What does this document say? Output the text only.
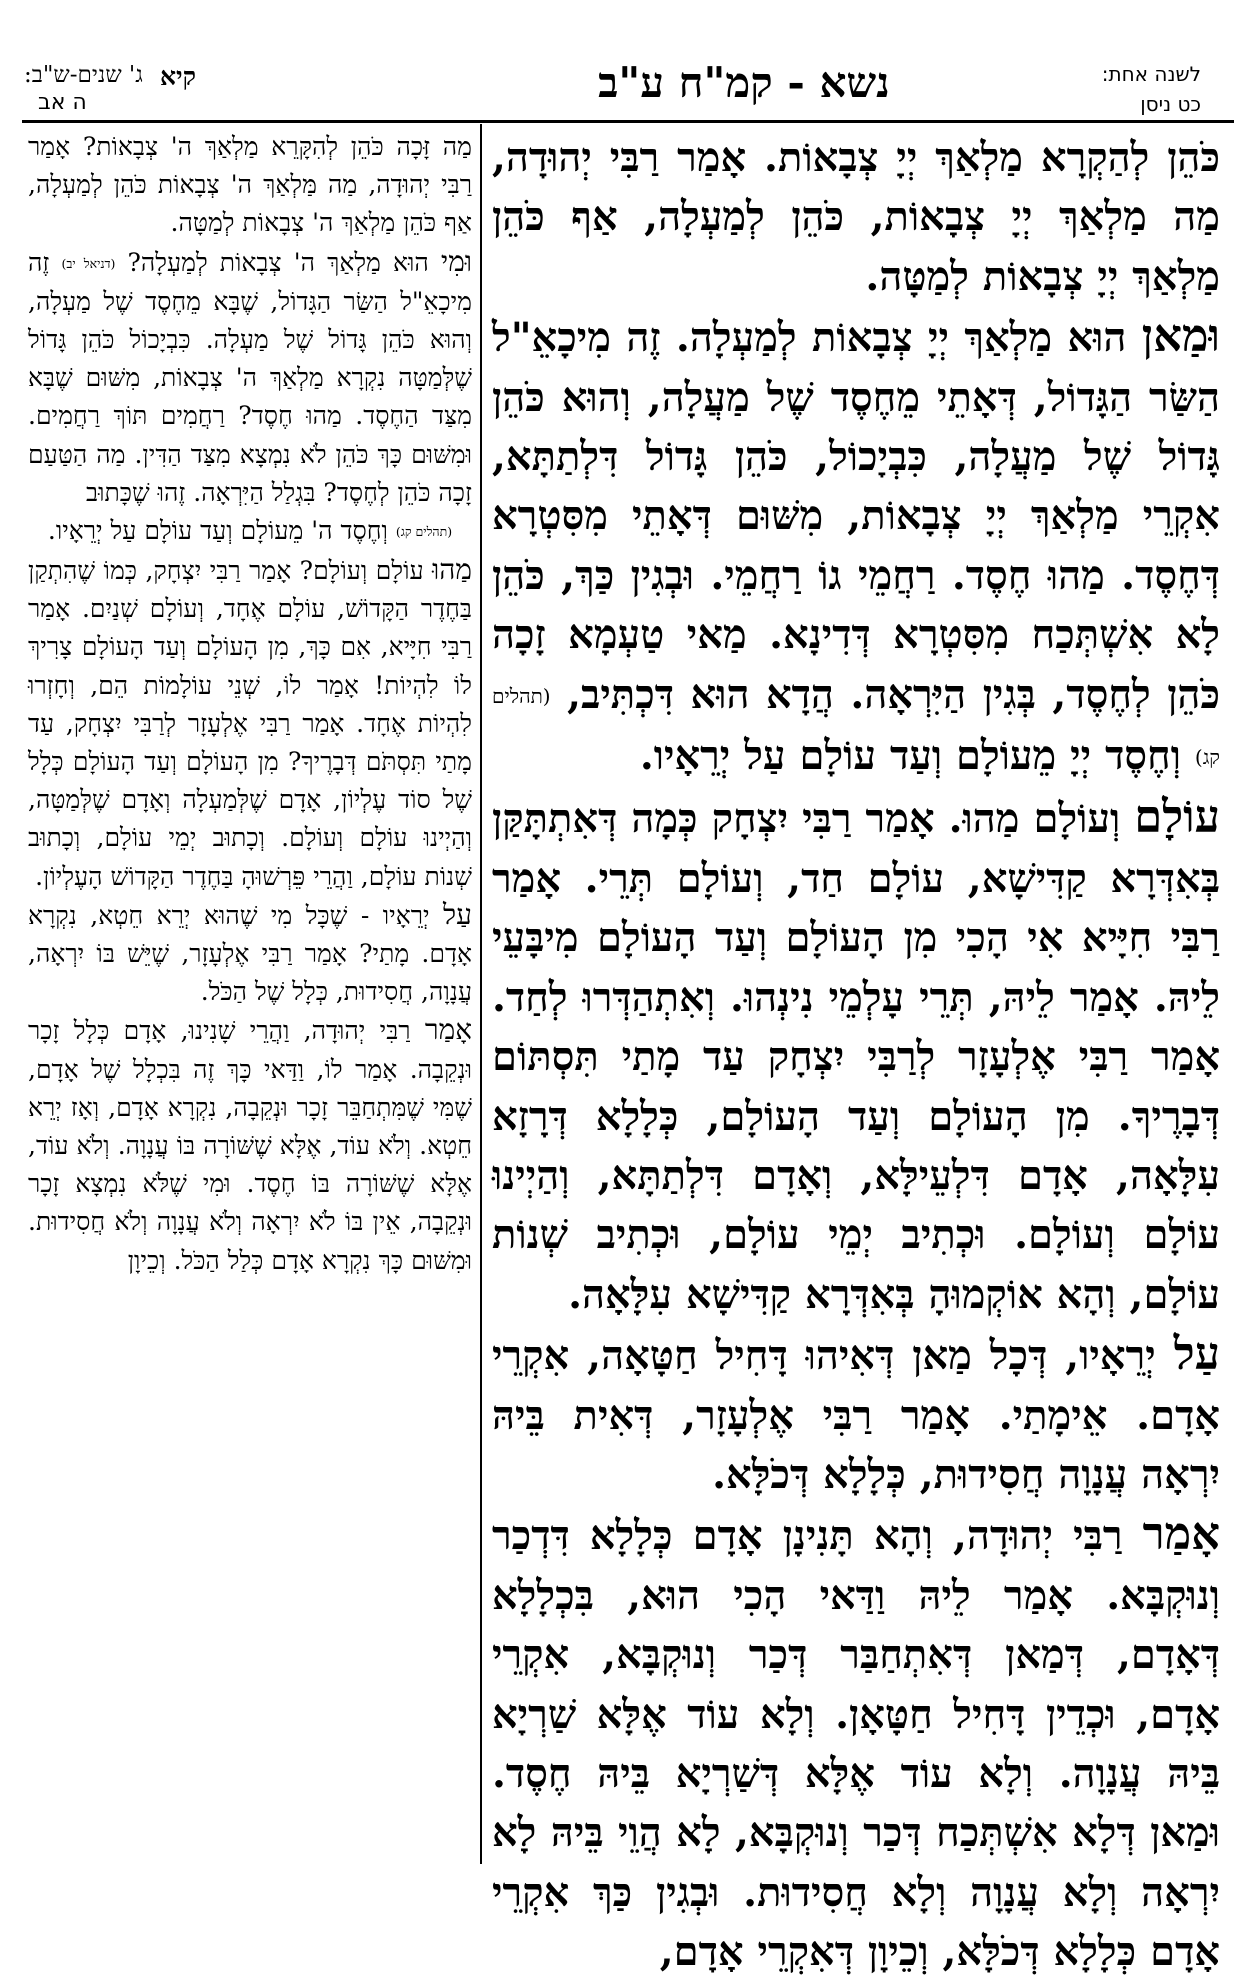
ג' שנים-ש"ב: קיא
ה אב	נשא - קמ"ח ע"ב	לשנה אחת:
כט ניסן

כֹּהֵן לְהַקְרָא מַלְאַךְ יְיָ צְבָאוֹת. אָמַר רַבִּי יְהוּדָה, מַה מַלְאַךְ יְיָ צְבָאוֹת, כֹּהֵן לְמַעְלָה, אַף כֹּהֵן מַלְאַךְ יְיָ צְבָאוֹת לְמַטָּה.

וּמַאן הוּא מַלְאַךְ יְיָ צְבָאוֹת לְמַעְלָה. זֶה מִיכָאֵ"ל הַשַּׂר הַגָּדוֹל, דְּאָתֵי מֵחֶסֶד שֶׁל מַעֲלָה, וְהוּא כֹּהֵן גָּדוֹל שֶׁל מַעֲלָה, כִּבְיָכוֹל, כֹּהֵן גָּדוֹל דִּלְתַתָּא, אִקְרֵי מַלְאַךְ יְיָ צְבָאוֹת, מִשּׁוּם דְּאָתֵי מִסִּטְרָא דְּחֶסֶד. מַהוּ חֶסֶד. רַחֲמֵי גוֹ רַחֲמֵי. וּבְגִין כַּךְ, כֹּהֵן לָא אִשְׁתְּכַח מִסִּטְרָא דְּדִינָא. מַאי טַעְמָא זָכָה כֹּהֵן לְחֶסֶד, בְּגִין הַיִּרְאָה. הֲדָא הוּא דִּכְתִּיב, (תהלים קג) וְחֶסֶד יְיָ מֵעוֹלָם וְעַד עוֹלָם עַל יְרֵאָיו.

עוֹלָם וְעוֹלָם מַהוּ. אָמַר רַבִּי יִצְחָק כְּמָה דְּאִתְתָּקַּן בְּאִדְּרָא קַדִּישָׁא, עוֹלָם חַד, וְעוֹלָם תְּרֵי. אָמַר רַבִּי חִיָּיא אִי הָכִי מִן הָעוֹלָם וְעַד הָעוֹלָם מִיבָּעֵי לֵיהּ. אָמַר לֵיהּ, תְּרֵי עָלְמֵי נִינְהוּ. וְאִתְהַדְּרוּ לְחַד. אָמַר רַבִּי אֶלְעָזָר לְרַבִּי יִצְחָק עַד מָתַי תִּסְתּוֹם דְּבָרֶיךָ. מִן הָעוֹלָם וְעַד הָעוֹלָם, כְּלָלָא דְּרָזָא עִלָּאָה, אָדָם דִּלְעֵילָּא, וְאָדָם דִּלְתַתָּא, וְהַיְינוּ עוֹלָם וְעוֹלָם. וּכְתִיב יְמֵי עוֹלָם, וּכְתִיב שְׁנוֹת עוֹלָם, וְהָא אוֹקְמוּהָ בְּאִדְּרָא קַדִּישָׁא עִלָּאָה.

עַל יְרֵאָיו, דְּכָל מַאן דְּאִיהוּ דָּחִיל חַטָּאָה, אִקְרֵי אָדָם. אֵימָתַי. אָמַר רַבִּי אֶלְעָזָר, דְּאִית בֵּיהּ יִרְאָה עֲנָוָה חֲסִידוּת, כְּלָלָא דְּכֹלָּא.

אָמַר רַבִּי יְהוּדָה, וְהָא תָּנִינָן אָדָם כְּלָלָא דִּדְכַר וְנוּקְבָּא. אָמַר לֵיהּ וַדַּאי הָכִי הוּא, בִּכְלָלָא דְּאָדָם, דְּמַאן דְּאִתְחַבַּר דְּכַר וְנוּקְבָּא, אִקְרֵי אָדָם, וּכְדֵין דָּחִיל חַטָּאָן. וְלָא עוֹד אֶלָּא שַׁרְיָא בֵּיהּ עֲנָוָה. וְלָא עוֹד אֶלָּא דְּשַׁרְיָא בֵּיהּ חֶסֶד. וּמַאן דְּלָא אִשְׁתְּכַח דְּכַר וְנוּקְבָּא, לָא הֲוֵי בֵּיהּ לָא יִרְאָה וְלָא עֲנָוָה וְלָא חֲסִידוּת. וּבְגִין כַּךְ אִקְרֵי אָדָם כְּלָלָא דְּכֹלָּא, וְכֵיוָן דְּאִקְרֵי אָדָם,

מַה זָּכָה כֹּהֵן לְהִקָּרֵא מַלְאַךְ ה' צְבָאוֹת? אָמַר רַבִּי יְהוּדָה, מַה מַּלְאַךְ ה' צְבָאוֹת כֹּהֵן לְמַעְלָה, אַף כֹּהֵן מַלְאַךְ ה' צְבָאוֹת לְמַטָּה.

וּמִי הוּא מַלְאַךְ ה' צְבָאוֹת לְמַעְלָה? (דניאל יב) זֶה מִיכָאֵ"ל הַשַּׂר הַגָּדוֹל, שֶׁבָּא מֵחֶסֶד שֶׁל מַעְלָה, וְהוּא כֹּהֵן גָּדוֹל שֶׁל מַעְלָה. כִּבְיָכוֹל כֹּהֵן גָּדוֹל שֶׁלְּמַטָּה נִקְרָא מַלְאַךְ ה' צְבָאוֹת, מִשּׁוּם שֶׁבָּא מִצַּד הַחֶסֶד. מַהוּ חֶסֶד? רַחֲמִים תּוֹךְ רַחֲמִים. וּמִשּׁוּם כָּךְ כֹּהֵן לֹא נִמְצָא מִצַּד הַדִּין. מַה הַטַּעַם זָכָה כֹּהֵן לְחֶסֶד? בִּגְלַל הַיִּרְאָה. זֶהוּ שֶׁכָּתוּב

(תהלים קג) וְחֶסֶד ה' מֵעוֹלָם וְעַד עוֹלָם עַל יְרֵאָיו.

מַהוּ עוֹלָם וְעוֹלָם? אָמַר רַבִּי יִצְחָק, כְּמוֹ שֶׁהִתְקַן בַּחֶדֶר הַקָּדוֹשׁ, עוֹלָם אֶחָד, וְעוֹלָם שְׁנַיִם. אָמַר רַבִּי חִיָּיא, אִם כָּךְ, מִן הָעוֹלָם וְעַד הָעוֹלָם צָרִיךְ לוֹ לִהְיוֹת! אָמַר לוֹ, שְׁנֵי עוֹלָמוֹת הֵם, וְחָזְרוּ לִהְיוֹת אֶחָד. אָמַר רַבִּי אֶלְעָזָר לְרַבִּי יִצְחָק, עַד מָתַי תִּסְתֹּם דְּבָרֶיךָ? מִן הָעוֹלָם וְעַד הָעוֹלָם כְּלָל שֶׁל סוֹד עֶלְיוֹן, אָדָם שֶׁלְּמַעְלָה וְאָדָם שֶׁלְּמַטָּה, וְהַיְינוּ עוֹלָם וְעוֹלָם. וְכָתוּב יְמֵי עוֹלָם, וְכָתוּב שְׁנוֹת עוֹלָם, וַהֲרֵי פֵּרְשׁוּהָ בַּחֶדֶר הַקָּדוֹשׁ הָעֶלְיוֹן.

עַל יְרֵאָיו - שֶׁכָּל מִי שֶׁהוּא יְרֵא חֵטְא, נִקְרָא אָדָם. מָתַי? אָמַר רַבִּי אֶלְעָזָר, שֶׁיֵּשׁ בּוֹ יִרְאָה, עֲנָוָה, חֲסִידוּת, כְּלָל שֶׁל הַכֹּל.

אָמַר רַבִּי יְהוּדָה, וַהֲרֵי שָׁנִינוּ, אָדָם כְּלָל זָכָר וּנְקֵבָה. אָמַר לוֹ, וַדַּאי כָּךְ זֶה בִּכְלָל שֶׁל אָדָם, שֶׁמִּי שֶׁמִּתְחַבֵּר זָכָר וּנְקֵבָה, נִקְרָא אָדָם, וְאָז יְרֵא חֵטְא. וְלֹא עוֹד, אֶלָּא שֶׁשּׁוֹרָה בּוֹ עֲנָוָה. וְלֹא עוֹד, אֶלָּא שֶׁשּׁוֹרָה בּוֹ חֶסֶד. וּמִי שֶׁלֹּא נִמְצָא זָכָר וּנְקֵבָה, אֵין בּוֹ לֹא יִרְאָה וְלֹא עֲנָוָה וְלֹא חֲסִידוּת. וּמִשּׁוּם כָּךְ נִקְרָא אָדָם כְּלַל הַכֹּל. וְכֵיוָן
